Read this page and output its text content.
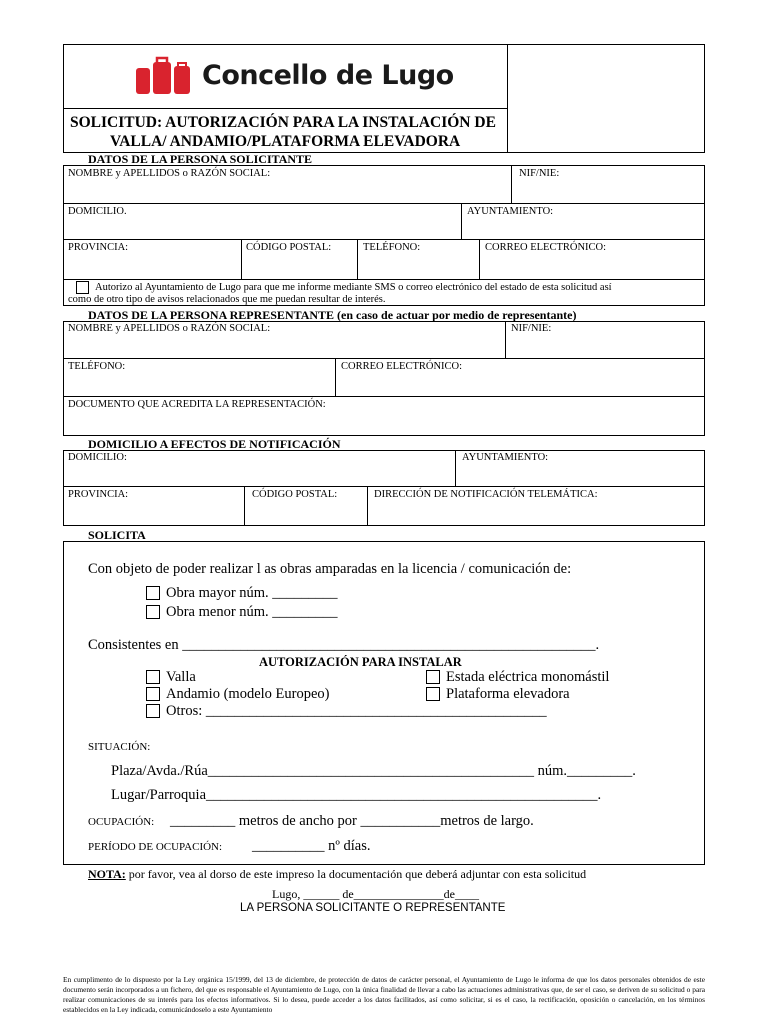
Concello de Lugo
SOLICITUD: AUTORIZACIÓN PARA LA INSTALACIÓN DE
VALLA/ ANDAMIO/PLATAFORMA ELEVADORA
DATOS DE LA PERSONA SOLICITANTE
NOMBRE y APELLIDOS o RAZÓN SOCIAL:	NIF/NIE:
DOMICILIO.	AYUNTAMIENTO:
PROVINCIA:	CÓDIGO POSTAL:	TELÉFONO:	CORREO ELECTRÓNICO:
Autorizo al Ayuntamiento de Lugo para que me informe mediante SMS o correo electrónico del estado de esta solicitud así
como de otro tipo de avisos relacionados que me puedan resultar de interés.
DATOS DE LA PERSONA REPRESENTANTE (en caso de actuar por medio de representante)
NOMBRE y APELLIDOS o RAZÓN SOCIAL:	NIF/NIE:
TELÉFONO:	CORREO ELECTRÓNICO:
DOCUMENTO QUE ACREDITA LA REPRESENTACIÓN:
DOMICILIO A EFECTOS DE NOTIFICACIÓN
DOMICILIO:	AYUNTAMIENTO:
PROVINCIA:	CÓDIGO POSTAL:	DIRECCIÓN DE NOTIFICACIÓN TELEMÁTICA:
SOLICITA
Con objeto de poder realizar l as obras amparadas en la licencia / comunicación de:
Obra mayor núm. _________
Obra menor núm. _________
Consistentes en _________________________________________________________.
AUTORIZACIÓN PARA INSTALAR
Valla
Andamio (modelo Europeo)
Otros: _______________________________________________
Estada eléctrica monomástil
Plataforma elevadora
SITUACIÓN:
Plaza/Avda./Rúa_____________________________________________ núm._________.
Lugar/Parroquia______________________________________________________.
OCUPACIÓN: _________ metros de ancho por ___________metros de largo.
PERÍODO DE OCUPACIÓN: __________ nº días.
NOTA: por favor, vea al dorso de este impreso la documentación que deberá adjuntar con esta solicitud
Lugo, ______ de_______________de____
LA PERSONA SOLICITANTE O REPRESENTANTE
En cumplimento de lo dispuesto por la Ley orgánica 15/1999, del 13 de diciembre, de protección de datos de carácter personal, el Ayuntamiento de Lugo le informa de que los datos personales obtenidos de este documento serán incorporados a un fichero, del que es responsable el Ayuntamiento de Lugo, con la única finalidad de llevar a cabo las actuaciones administrativas que, de ser el caso, se deriven de su solicitud o para realizar comunicaciones de su interés para los efectos informativos. Si lo desea, puede acceder a los datos facilitados, así como solicitar, si es el caso, la rectificación, oposición o cancelación, en los términos establecidos en la Ley indicada, comunicándoselo a este Ayuntamiento
